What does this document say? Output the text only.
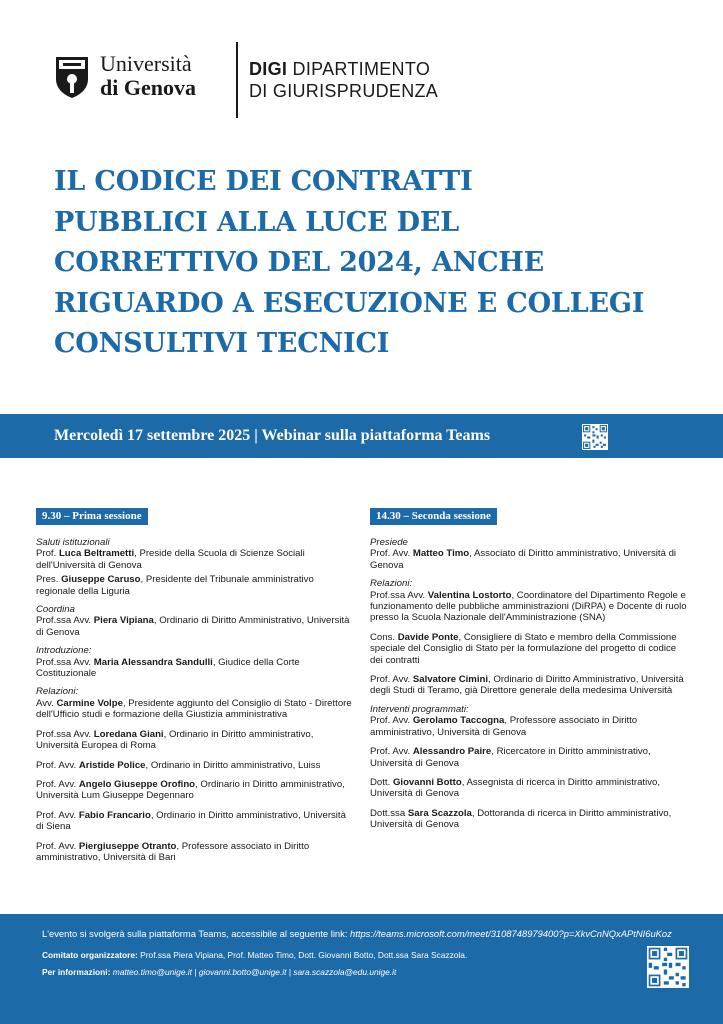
Università
di Genova
DIGI DIPARTIMENTO
DI GIURISPRUDENZA
IL CODICE DEI CONTRATTI
PUBBLICI ALLA LUCE DEL
CORRETTIVO DEL 2024, ANCHE
RIGUARDO A ESECUZIONE E COLLEGI
CONSULTIVI TECNICI
Mercoledì 17 settembre 2025 | Webinar sulla piattaforma Teams
9.30 – Prima sessione
Saluti istituzionali
Prof. Luca Beltrametti, Preside della Scuola di Scienze Sociali dell'Università di Genova
Pres. Giuseppe Caruso, Presidente del Tribunale amministrativo regionale della Liguria
Coordina
Prof.ssa Avv. Piera Vipiana, Ordinario di Diritto Amministrativo, Università di Genova
Introduzione:
Prof.ssa Avv. Maria Alessandra Sandulli, Giudice della Corte Costituzionale
Relazioni:
Avv. Carmine Volpe, Presidente aggiunto del Consiglio di Stato - Direttore dell'Ufficio studi e formazione della Giustizia amministrativa
Prof.ssa Avv. Loredana Giani, Ordinario in Diritto amministrativo, Università Europea di Roma
Prof. Avv. Aristide Police, Ordinario in Diritto amministrativo, Luiss
Prof. Avv. Angelo Giuseppe Orofino, Ordinario in Diritto amministrativo, Università Lum Giuseppe Degennaro
Prof. Avv. Fabio Francario, Ordinario in Diritto amministrativo, Università di Siena
Prof. Avv. Piergiuseppe Otranto, Professore associato in Diritto amministrativo, Università di Bari
14.30 – Seconda sessione
Presiede
Prof. Avv. Matteo Timo, Associato di Diritto amministrativo, Università di Genova
Relazioni:
Prof.ssa Avv. Valentina Lostorto, Coordinatore del Dipartimento Regole e funzionamento delle pubbliche amministrazioni (DiRPA) e Docente di ruolo presso la Scuola Nazionale dell'Amministrazione (SNA)
Cons. Davide Ponte, Consigliere di Stato e membro della Commissione speciale del Consiglio di Stato per la formulazione del progetto di codice dei contratti
Prof. Avv. Salvatore Cimini, Ordinario di Diritto Amministrativo, Università degli Studi di Teramo, già Direttore generale della medesima Università
Interventi programmati:
Prof. Avv. Gerolamo Taccogna, Professore associato in Diritto amministrativo, Università di Genova
Prof. Avv. Alessandro Paire, Ricercatore in Diritto amministrativo, Università di Genova
Dott. Giovanni Botto, Assegnista di ricerca in Diritto amministrativo, Università di Genova
Dott.ssa Sara Scazzola, Dottoranda di ricerca in Diritto amministrativo, Università di Genova
L'evento si svolgerà sulla piattaforma Teams, accessibile al seguente link: https://teams.microsoft.com/meet/3108748979400?p=XkvCnNQxAPtNI6uKoz
Comitato organizzatore: Prof.ssa Piera Vipiana, Prof. Matteo Timo, Dott. Giovanni Botto, Dott.ssa Sara Scazzola.
Per informazioni: matteo.timo@unige.it | giovanni.botto@unige.it | sara.scazzola@edu.unige.it
